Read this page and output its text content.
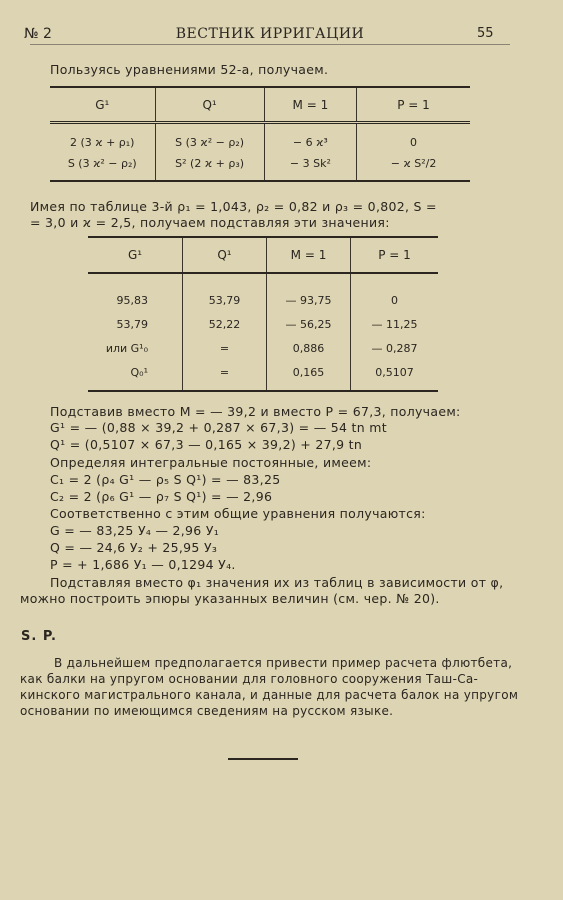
№ 2	ВЕСТНИК ИРРИГАЦИИ	55
Пользуясь уравнениями 52-а, получаем.
G¹	Q¹	M = 1	P = 1
2 (3 ϰ + ρ₁)	S (3 ϰ² − ρ₂)	− 6 ϰ³	0
S (3 ϰ² − ρ₂)	S² (2 ϰ + ρ₃)	− 3 Sk²	− ϰ S²/2
Имея по таблице 3-й ρ₁ = 1,043, ρ₂ = 0,82 и ρ₃ = 0,802, S =
= 3,0 и ϰ = 2,5, получаем подставляя эти значения:
G¹	Q¹	M = 1	P = 1
95,83	53,79	— 93,75	0
53,79	52,22	— 56,25	— 11,25
или G¹₀	=	0,886	— 0,287
Q₀¹	=	0,165	0,5107
Подставив вместо M = — 39,2 и вместо P = 67,3, получаем:
G¹ = — (0,88 × 39,2 + 0,287 × 67,3) = — 54 tn mt
Q¹ = (0,5107 × 67,3 — 0,165 × 39,2) + 27,9 tn
Определяя интегральные постоянные, имеем:
C₁ = 2 (ρ₄ G¹ — ρ₅ S Q¹) = — 83,25
C₂ = 2 (ρ₆ G¹ — ρ₇ S Q¹) = — 2,96
Соответственно с этим общие уравнения получаются:
G = — 83,25 У₄ — 2,96 У₁
Q = — 24,6 У₂ + 25,95 У₃
P = + 1,686 У₁ — 0,1294 У₄.
Подставляя вместо φ₁ значения их из таблиц в зависимости от φ,
можно построить эпюры указанных величин (см. чер. № 20).
S. P.
В дальнейшем предполагается привести пример расчета флютбета,
как балки на упругом основании для головного сооружения Таш-Са-
кинского магистрального канала, и данные для расчета балок на упругом
основании по имеющимся сведениям на русском языке.
